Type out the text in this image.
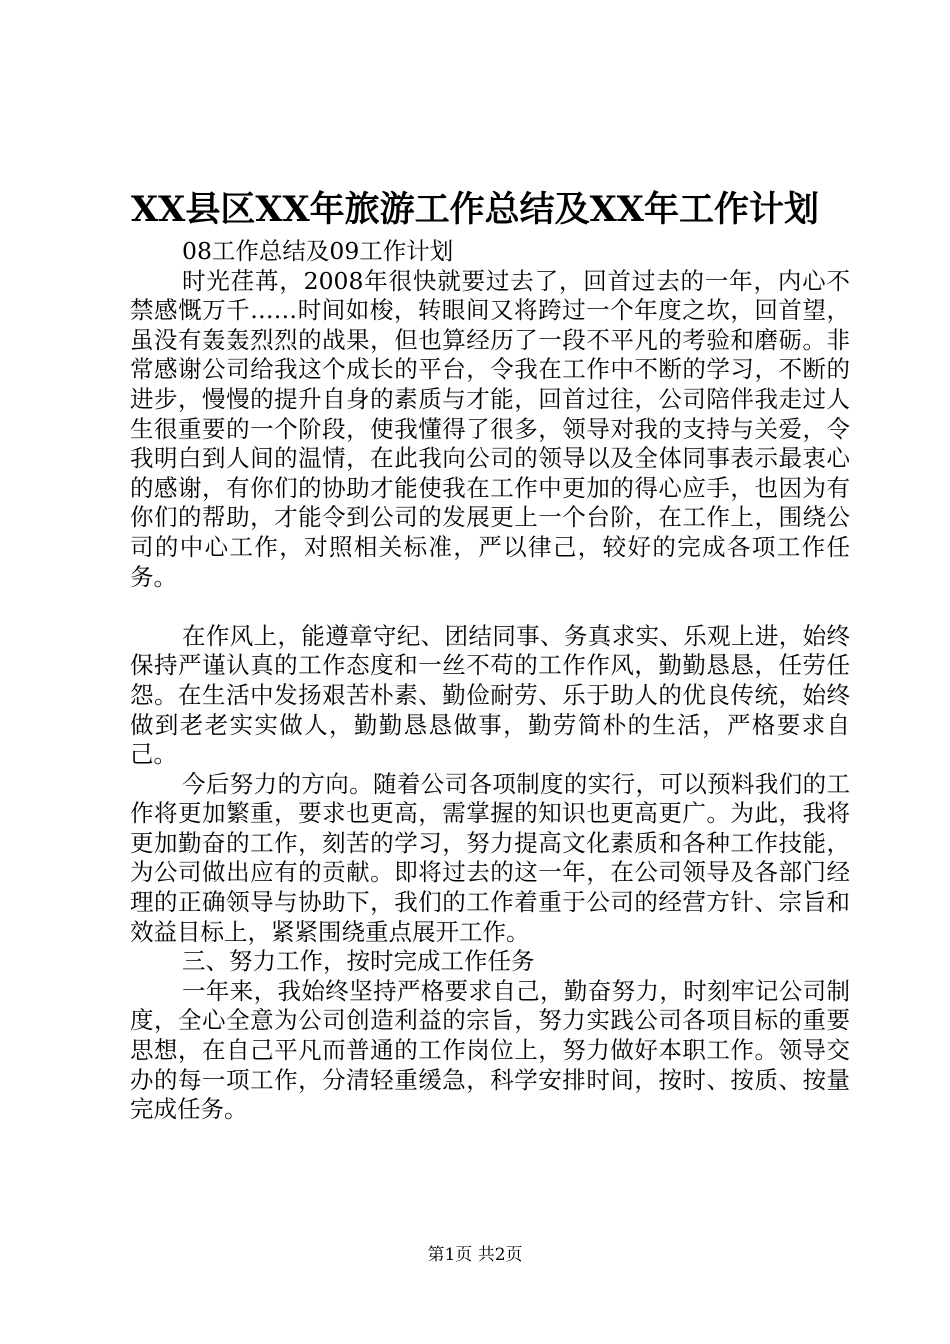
XX县区XX年旅游工作总结及XX年工作计划

08工作总结及09工作计划

时光荏苒，2008年很快就要过去了，回首过去的一年，内心不禁感慨万千……时间如梭，转眼间又将跨过一个年度之坎，回首望，虽没有轰轰烈烈的战果，但也算经历了一段不平凡的考验和磨砺。非常感谢公司给我这个成长的平台，令我在工作中不断的学习，不断的进步，慢慢的提升自身的素质与才能，回首过往，公司陪伴我走过人生很重要的一个阶段，使我懂得了很多，领导对我的支持与关爱，令我明白到人间的温情，在此我向公司的领导以及全体同事表示最衷心的感谢，有你们的协助才能使我在工作中更加的得心应手，也因为有你们的帮助，才能令到公司的发展更上一个台阶，在工作上，围绕公司的中心工作，对照相关标准，严以律己，较好的完成各项工作任务。

在作风上，能遵章守纪、团结同事、务真求实、乐观上进，始终保持严谨认真的工作态度和一丝不苟的工作作风，勤勤恳恳，任劳任怨。在生活中发扬艰苦朴素、勤俭耐劳、乐于助人的优良传统，始终做到老老实实做人，勤勤恳恳做事，勤劳简朴的生活，严格要求自己。

今后努力的方向。随着公司各项制度的实行，可以预料我们的工作将更加繁重，要求也更高，需掌握的知识也更高更广。为此，我将更加勤奋的工作，刻苦的学习，努力提高文化素质和各种工作技能，为公司做出应有的贡献。即将过去的这一年，在公司领导及各部门经理的正确领导与协助下，我们的工作着重于公司的经营方针、宗旨和效益目标上，紧紧围绕重点展开工作。

三、努力工作，按时完成工作任务

一年来，我始终坚持严格要求自己，勤奋努力，时刻牢记公司制度，全心全意为公司创造利益的宗旨，努力实践公司各项目标的重要思想，在自己平凡而普通的工作岗位上，努力做好本职工作。领导交办的每一项工作，分清轻重缓急，科学安排时间，按时、按质、按量完成任务。

第1页 共2页
